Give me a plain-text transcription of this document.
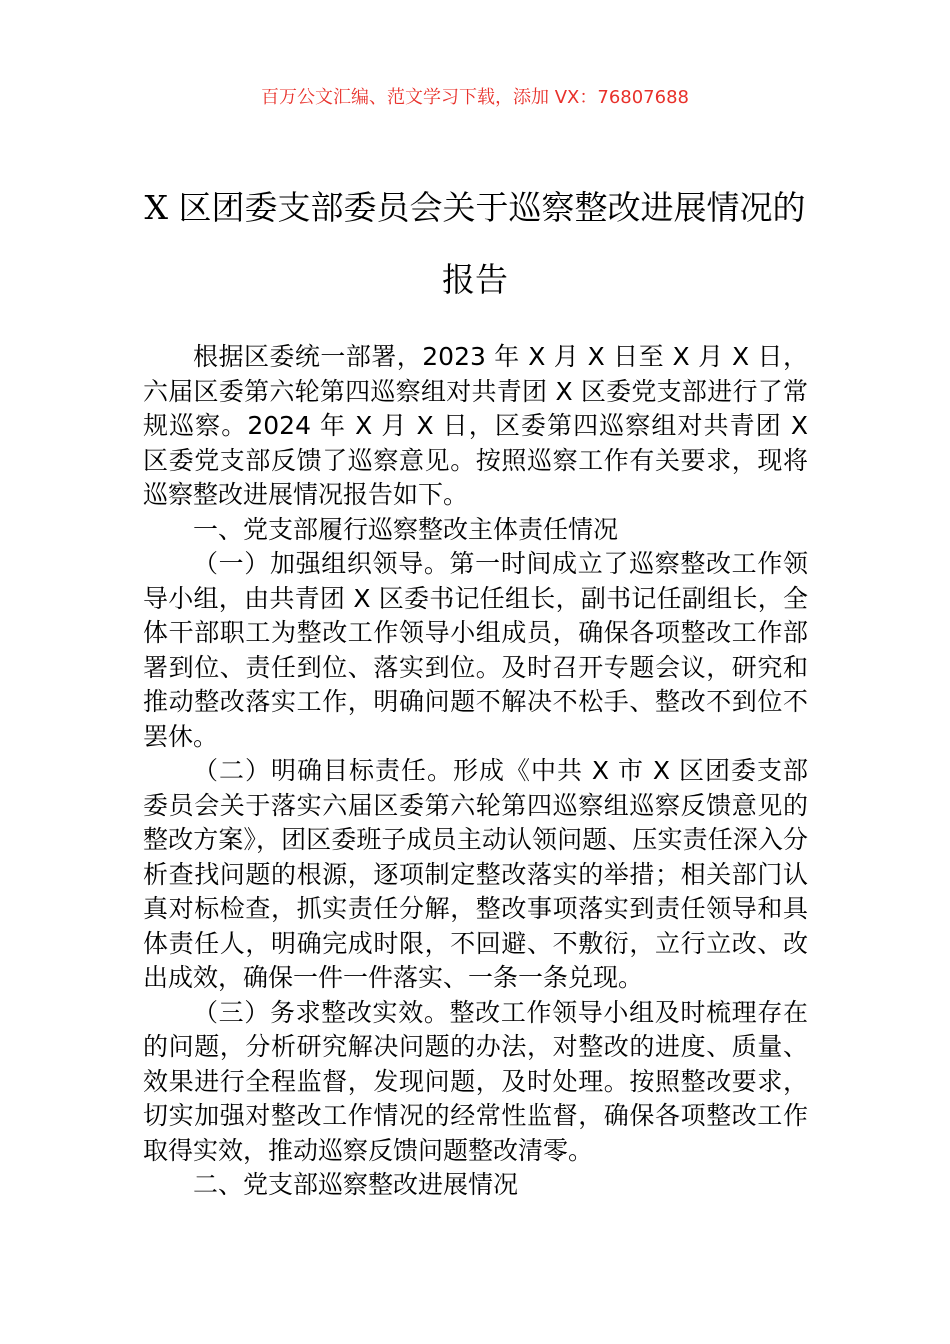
百万公文汇编、范文学习下载，添加 VX：76807688
X 区团委支部委员会关于巡察整改进展情况的报告

根据区委统一部署，2023 年 X 月 X 日至 X 月 X 日，六届区委第六轮第四巡察组对共青团 X 区委党支部进行了常规巡察。2024 年 X 月 X 日，区委第四巡察组对共青团 X 区委党支部反馈了巡察意见。按照巡察工作有关要求，现将巡察整改进展情况报告如下。

一、党支部履行巡察整改主体责任情况

（一）加强组织领导。第一时间成立了巡察整改工作领导小组，由共青团 X 区委书记任组长，副书记任副组长，全体干部职工为整改工作领导小组成员，确保各项整改工作部署到位、责任到位、落实到位。及时召开专题会议，研究和推动整改落实工作，明确问题不解决不松手、整改不到位不罢休。

（二）明确目标责任。形成《中共 X 市 X 区团委支部委员会关于落实六届区委第六轮第四巡察组巡察反馈意见的整改方案》，团区委班子成员主动认领问题、压实责任深入分析查找问题的根源，逐项制定整改落实的举措；相关部门认真对标检查，抓实责任分解，整改事项落实到责任领导和具体责任人，明确完成时限，不回避、不敷衍，立行立改、改出成效，确保一件一件落实、一条一条兑现。

（三）务求整改实效。整改工作领导小组及时梳理存在的问题，分析研究解决问题的办法，对整改的进度、质量、效果进行全程监督，发现问题，及时处理。按照整改要求，切实加强对整改工作情况的经常性监督，确保各项整改工作取得实效，推动巡察反馈问题整改清零。

二、党支部巡察整改进展情况
